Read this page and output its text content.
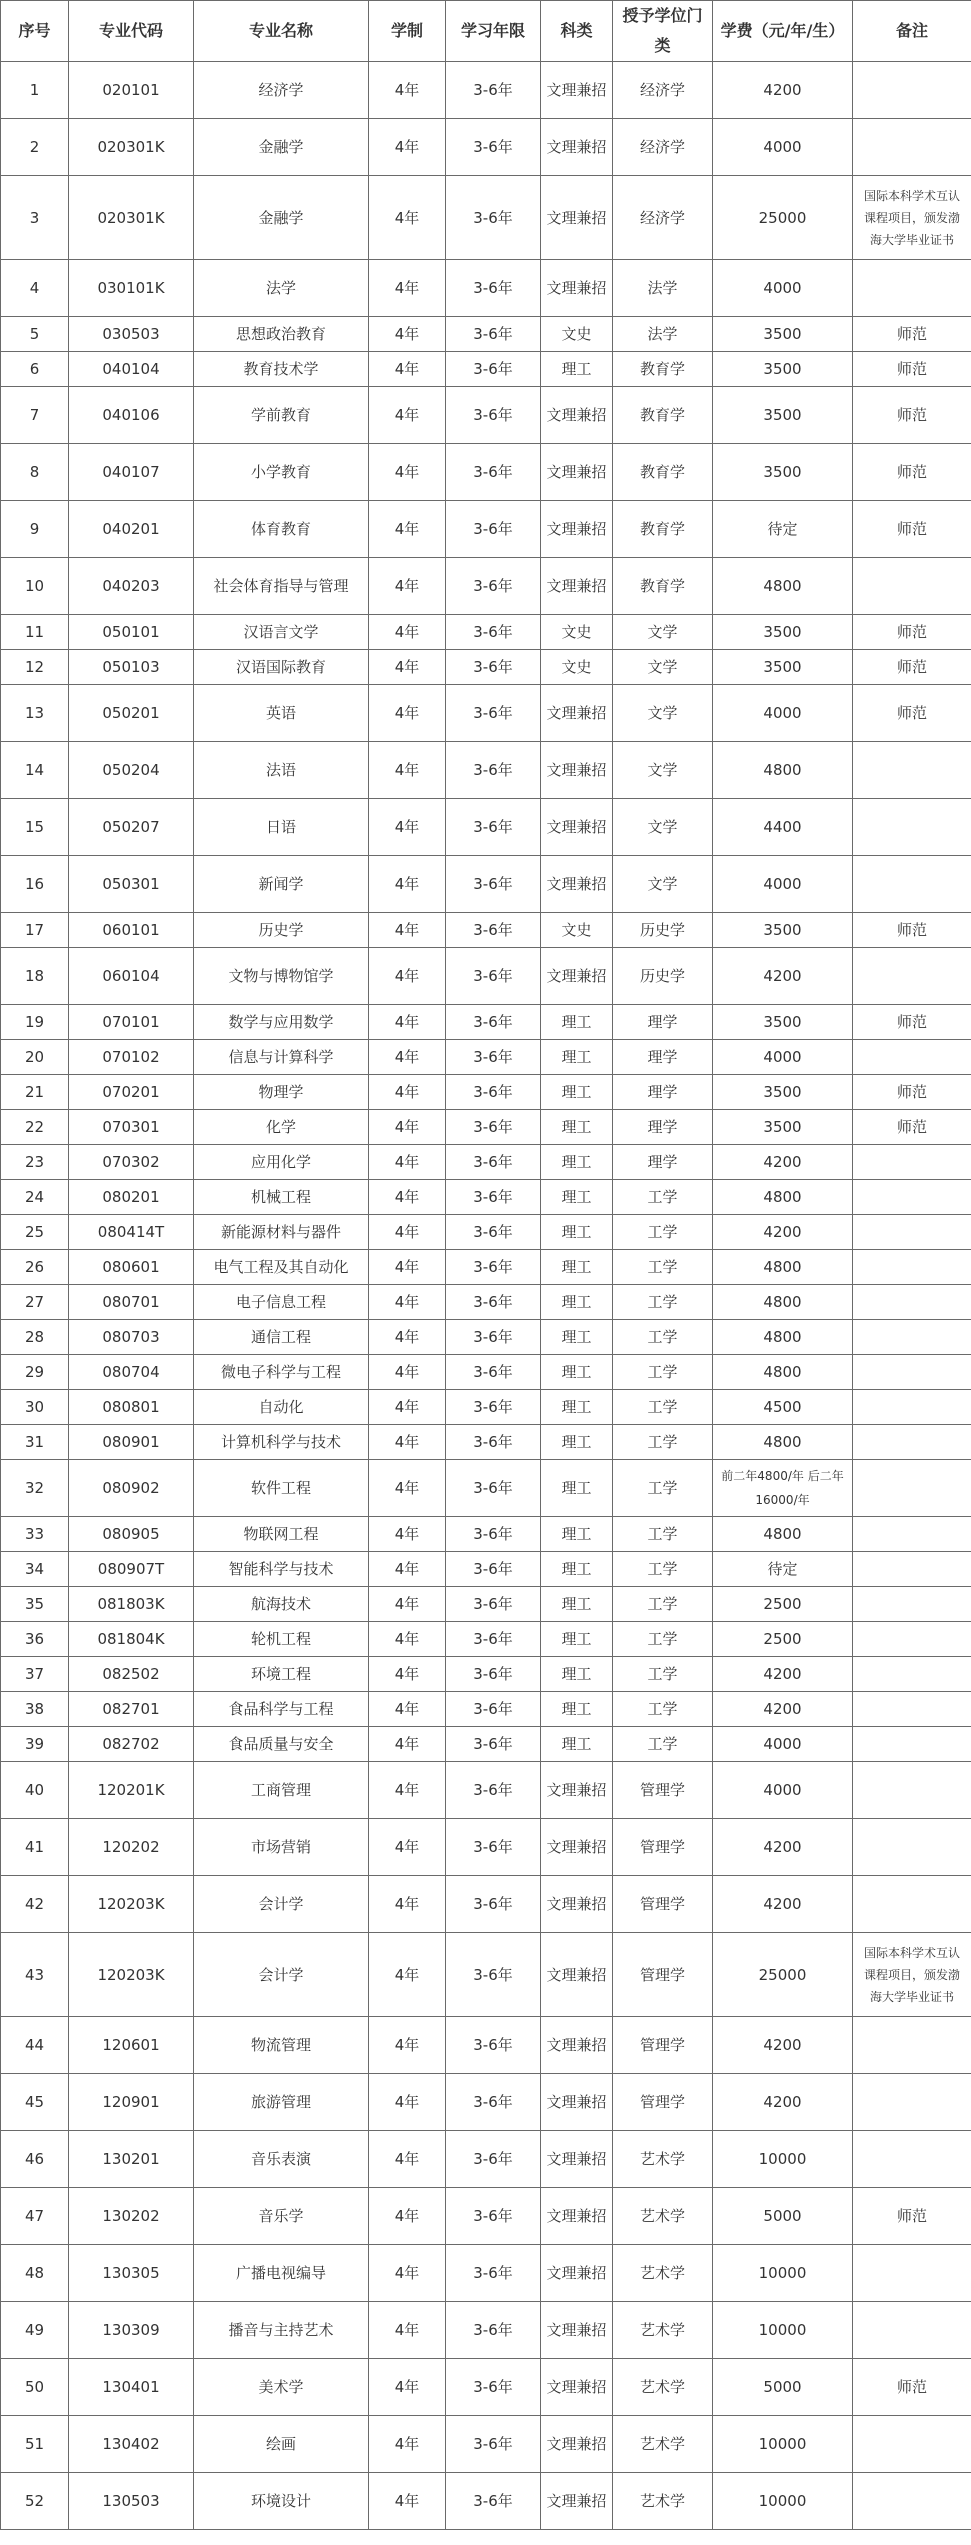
序号	专业代码	专业名称	学制	学习年限	科类	授予学位门类	学费（元/年/生）	备注
1	020101	经济学	4年	3-6年	文理兼招	经济学	4200	
2	020301K	金融学	4年	3-6年	文理兼招	经济学	4000	
3	020301K	金融学	4年	3-6年	文理兼招	经济学	25000	国际本科学术互认课程项目，颁发渤海大学毕业证书
4	030101K	法学	4年	3-6年	文理兼招	法学	4000	
5	030503	思想政治教育	4年	3-6年	文史	法学	3500	师范
6	040104	教育技术学	4年	3-6年	理工	教育学	3500	师范
7	040106	学前教育	4年	3-6年	文理兼招	教育学	3500	师范
8	040107	小学教育	4年	3-6年	文理兼招	教育学	3500	师范
9	040201	体育教育	4年	3-6年	文理兼招	教育学	待定	师范
10	040203	社会体育指导与管理	4年	3-6年	文理兼招	教育学	4800	
11	050101	汉语言文学	4年	3-6年	文史	文学	3500	师范
12	050103	汉语国际教育	4年	3-6年	文史	文学	3500	师范
13	050201	英语	4年	3-6年	文理兼招	文学	4000	师范
14	050204	法语	4年	3-6年	文理兼招	文学	4800	
15	050207	日语	4年	3-6年	文理兼招	文学	4400	
16	050301	新闻学	4年	3-6年	文理兼招	文学	4000	
17	060101	历史学	4年	3-6年	文史	历史学	3500	师范
18	060104	文物与博物馆学	4年	3-6年	文理兼招	历史学	4200	
19	070101	数学与应用数学	4年	3-6年	理工	理学	3500	师范
20	070102	信息与计算科学	4年	3-6年	理工	理学	4000	
21	070201	物理学	4年	3-6年	理工	理学	3500	师范
22	070301	化学	4年	3-6年	理工	理学	3500	师范
23	070302	应用化学	4年	3-6年	理工	理学	4200	
24	080201	机械工程	4年	3-6年	理工	工学	4800	
25	080414T	新能源材料与器件	4年	3-6年	理工	工学	4200	
26	080601	电气工程及其自动化	4年	3-6年	理工	工学	4800	
27	080701	电子信息工程	4年	3-6年	理工	工学	4800	
28	080703	通信工程	4年	3-6年	理工	工学	4800	
29	080704	微电子科学与工程	4年	3-6年	理工	工学	4800	
30	080801	自动化	4年	3-6年	理工	工学	4500	
31	080901	计算机科学与技术	4年	3-6年	理工	工学	4800	
32	080902	软件工程	4年	3-6年	理工	工学	前二年4800/年 后二年16000/年	
33	080905	物联网工程	4年	3-6年	理工	工学	4800	
34	080907T	智能科学与技术	4年	3-6年	理工	工学	待定	
35	081803K	航海技术	4年	3-6年	理工	工学	2500	
36	081804K	轮机工程	4年	3-6年	理工	工学	2500	
37	082502	环境工程	4年	3-6年	理工	工学	4200	
38	082701	食品科学与工程	4年	3-6年	理工	工学	4200	
39	082702	食品质量与安全	4年	3-6年	理工	工学	4000	
40	120201K	工商管理	4年	3-6年	文理兼招	管理学	4000	
41	120202	市场营销	4年	3-6年	文理兼招	管理学	4200	
42	120203K	会计学	4年	3-6年	文理兼招	管理学	4200	
43	120203K	会计学	4年	3-6年	文理兼招	管理学	25000	国际本科学术互认课程项目，颁发渤海大学毕业证书
44	120601	物流管理	4年	3-6年	文理兼招	管理学	4200	
45	120901	旅游管理	4年	3-6年	文理兼招	管理学	4200	
46	130201	音乐表演	4年	3-6年	文理兼招	艺术学	10000	
47	130202	音乐学	4年	3-6年	文理兼招	艺术学	5000	师范
48	130305	广播电视编导	4年	3-6年	文理兼招	艺术学	10000	
49	130309	播音与主持艺术	4年	3-6年	文理兼招	艺术学	10000	
50	130401	美术学	4年	3-6年	文理兼招	艺术学	5000	师范
51	130402	绘画	4年	3-6年	文理兼招	艺术学	10000	
52	130503	环境设计	4年	3-6年	文理兼招	艺术学	10000	
